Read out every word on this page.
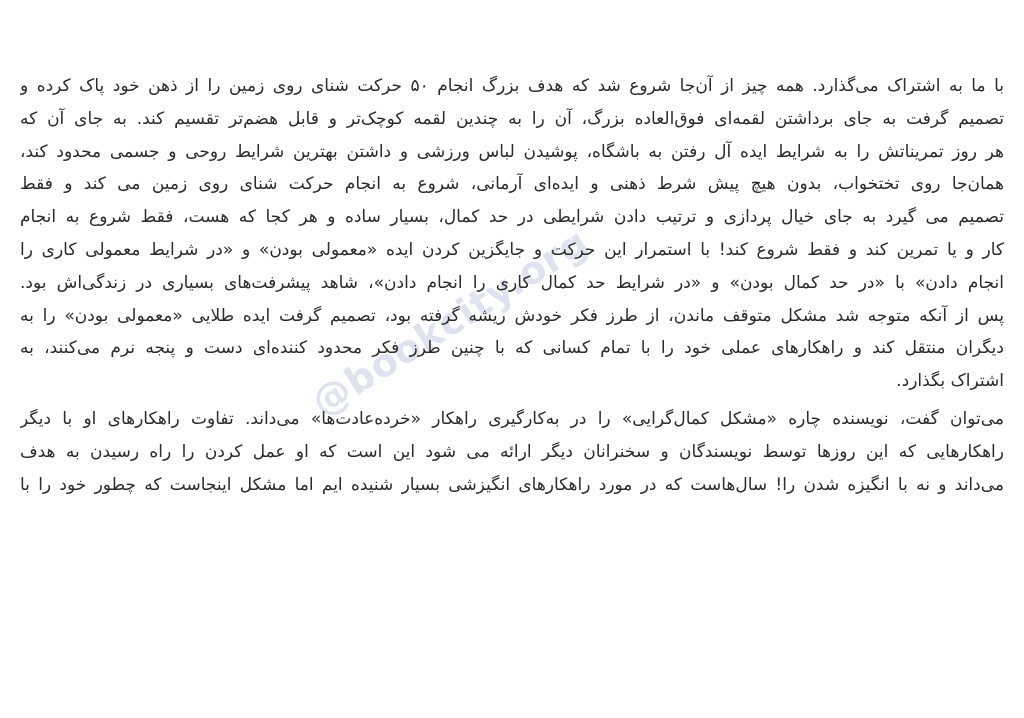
@bookcity.org
با ما به اشتراک می‌گذارد. همه چیز از آن‌جا شروع شد که هدف بزرگ انجام ۵۰ حرکت شنای روی زمین را از ذهن خود پاک کرده و
تصمیم گرفت به جای برداشتن لقمه‌ای فوق‌العاده بزرگ، آن را به چندین لقمه کوچک‌تر و قابل هضم‌تر تقسیم کند. به جای آن که
هر روز تمریناتش را به شرایط ایده آل رفتن به باشگاه، پوشیدن لباس ورزشی و داشتن بهترین شرایط روحی و جسمی محدود کند،
همان‌جا روی تختخواب، بدون هیچ پیش شرط ذهنی و ایده‌ای آرمانی، شروع به انجام حرکت شنای روی زمین می کند و فقط
تصمیم می گیرد به جای خیال پردازی و ترتیب دادن شرایطی در حد کمال، بسیار ساده و هر کجا که هست، فقط شروع به انجام
کار و یا تمرین کند و فقط شروع کند! با استمرار این حرکت و جایگزین کردن ایده «معمولی بودن» و «در شرایط معمولی کاری را
انجام دادن» با «در حد کمال بودن» و «در شرایط حد کمال کاری را انجام دادن»، شاهد پیشرفت‌های بسیاری در زندگی‌اش بود.
پس از آنکه متوجه شد مشکل متوقف ماندن، از طرز فکر خودش ریشه گرفته بود، تصمیم گرفت ایده طلایی «معمولی بودن» را به
دیگران منتقل کند و راهکارهای عملی خود را با تمام کسانی که با چنین طرز فکر محدود کننده‌ای دست و پنجه نرم می‌کنند، به
اشتراک بگذارد.
می‌توان گفت، نویسنده چاره «مشکل کمال‌گرایی» را در به‌کارگیری راهکار «خرده‌عادت‌ها» می‌داند. تفاوت راهکارهای او با دیگر
راهکارهایی که این روزها توسط نویسندگان و سخنرانان دیگر ارائه می شود این است که او عمل کردن را راه رسیدن به هدف
می‌داند و نه با انگیزه شدن را! سال‌هاست که در مورد راهکارهای انگیزشی بسیار شنیده ایم اما مشکل اینجاست که چطور خود را با
